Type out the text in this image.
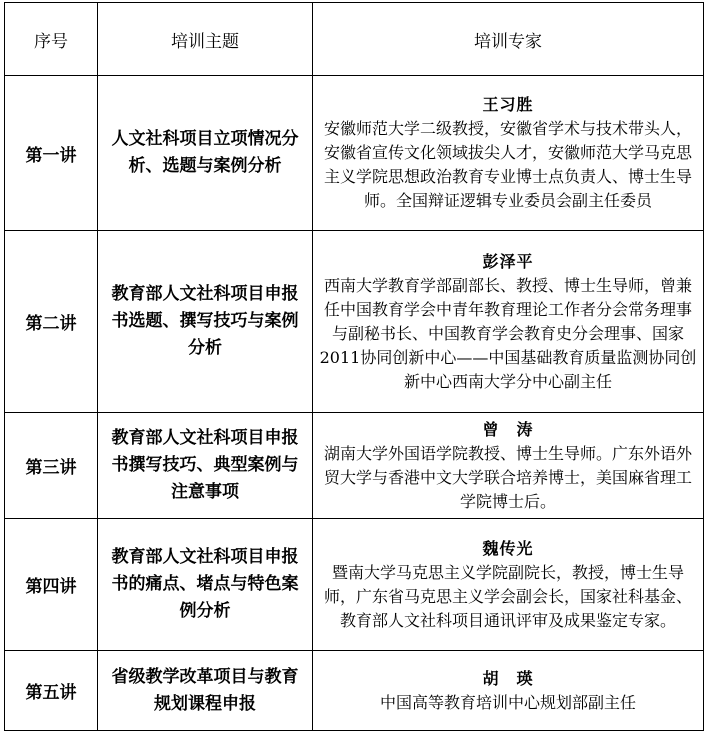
序号	培训主题	培训专家
第一讲	人文社科项目立项情况分析、选题与案例分析	王习胜
安徽师范大学二级教授，安徽省学术与技术带头人，安徽省宣传文化领域拔尖人才，安徽师范大学马克思主义学院思想政治教育专业博士点负责人、博士生导师。全国辩证逻辑专业委员会副主任委员

第二讲	教育部人文社科项目申报书选题、撰写技巧与案例分析	彭泽平
西南大学教育学部副部长、教授、博士生导师，曾兼任中国教育学会中青年教育理论工作者分会常务理事与副秘书长、中国教育学会教育史分会理事、国家2011协同创新中心——中国基础教育质量监测协同创新中心西南大学分中心副主任

第三讲	教育部人文社科项目申报书撰写技巧、典型案例与注意事项	曾　涛
湖南大学外国语学院教授、博士生导师。广东外语外贸大学与香港中文大学联合培养博士，美国麻省理工学院博士后。

第四讲	教育部人文社科项目申报书的痛点、堵点与特色案例分析	魏传光
暨南大学马克思主义学院副院长，教授，博士生导师，广东省马克思主义学会副会长，国家社科基金、教育部人文社科项目通讯评审及成果鉴定专家。

第五讲	省级教学改革项目与教育规划课程申报	胡　瑛
中国高等教育培训中心规划部副主任
